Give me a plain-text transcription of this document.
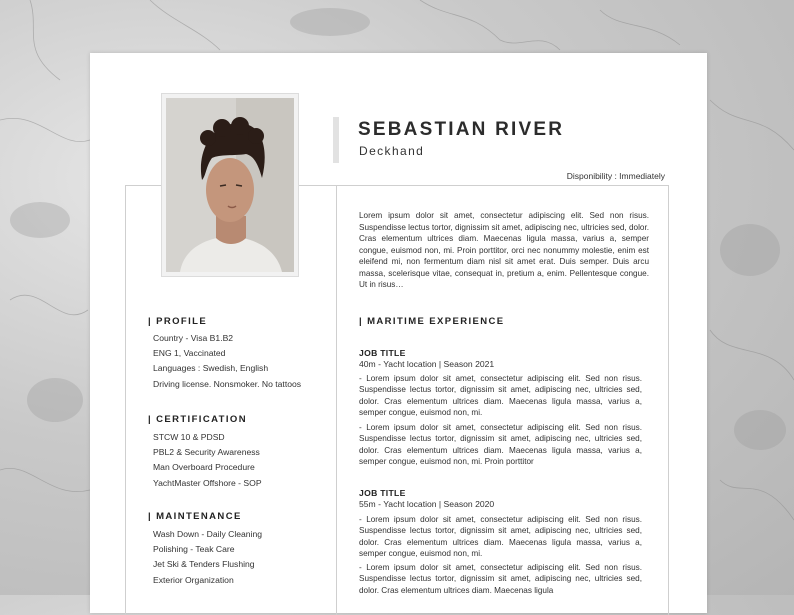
SEBASTIAN RIVER
Deckhand
Disponibility : Immediately

Lorem ipsum dolor sit amet, consectetur adipiscing elit. Sed non risus. Suspendisse lectus tortor, dignissim sit amet, adipiscing nec, ultricies sed, dolor. Cras elementum ultrices diam. Maecenas ligula massa, varius a, semper congue, euismod non, mi. Proin porttitor, orci nec nonummy molestie, enim est eleifend mi, non fermentum diam nisl sit amet erat. Duis semper. Duis arcu massa, scelerisque vitae, consequat in, pretium a, enim. Pellentesque congue. Ut in risus…

| PROFILE
Country - Visa B1.B2
ENG 1, Vaccinated
Languages : Swedish, English
Driving license. Nonsmoker. No tattoos
| CERTIFICATION
STCW 10 & PDSD
PBL2 & Security Awareness
Man Overboard Procedure
YachtMaster Offshore - SOP
| MAINTENANCE
Wash Down - Daily Cleaning
Polishing - Teak Care
Jet Ski & Tenders Flushing
Exterior Organization
| MARITIME EXPERIENCE
JOB TITLE
40m - Yacht location | Season 2021

- Lorem ipsum dolor sit amet, consectetur adipiscing elit. Sed non risus. Suspendisse lectus tortor, dignissim sit amet, adipiscing nec, ultricies sed, dolor. Cras elementum ultrices diam. Maecenas ligula massa, varius a, semper congue, euismod non, mi.

- Lorem ipsum dolor sit amet, consectetur adipiscing elit. Sed non risus. Suspendisse lectus tortor, dignissim sit amet, adipiscing nec, ultricies sed, dolor. Cras elementum ultrices diam. Maecenas ligula massa, varius a, semper congue, euismod non, mi. Proin porttitor

JOB TITLE
55m - Yacht location | Season 2020

- Lorem ipsum dolor sit amet, consectetur adipiscing elit. Sed non risus. Suspendisse lectus tortor, dignissim sit amet, adipiscing nec, ultricies sed, dolor. Cras elementum ultrices diam. Maecenas ligula massa, varius a, semper congue, euismod non, mi.

- Lorem ipsum dolor sit amet, consectetur adipiscing elit. Sed non risus. Suspendisse lectus tortor, dignissim sit amet, adipiscing nec, ultricies sed, dolor. Cras elementum ultrices diam. Maecenas ligula
